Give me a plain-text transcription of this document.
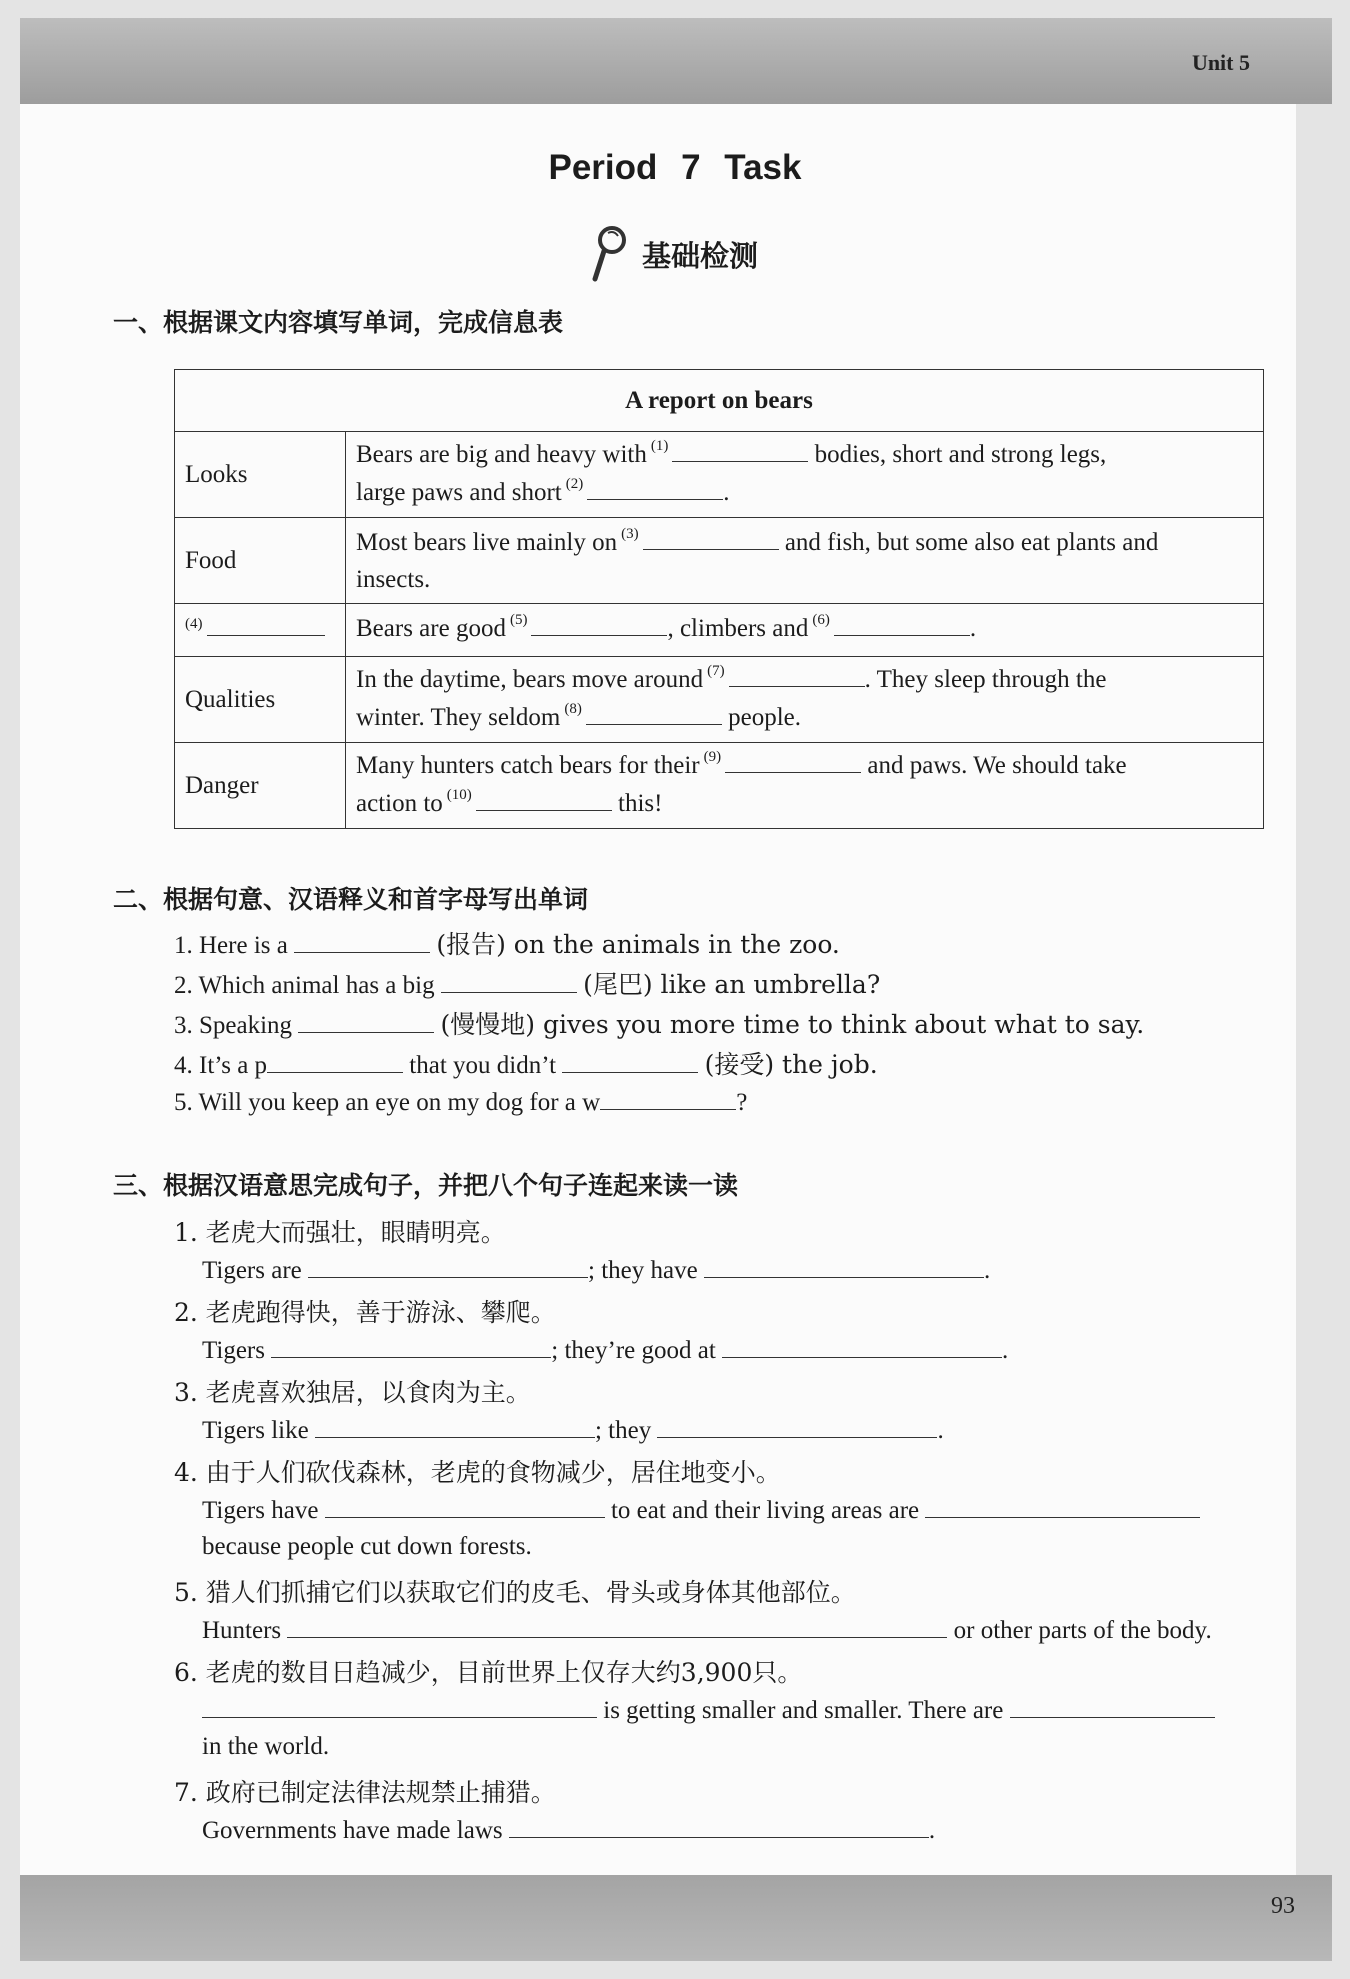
Unit 5
93
Period 7 Task
基础检测
一、根据课文内容填写单词，完成信息表
A report on bears	
Looks	Bears are big and heavy with $^{(1)}$ bodies, short and strong legs,
large paws and short $^{(2)}$ .
Food	Most bears live mainly on $^{(3)}$ and fish, but some also eat plants and
insects.
$^{(4)}$	Bears are good $^{(5)}$ , climbers and $^{(6)}$ .
Qualities	In the daytime, bears move around $^{(7)}$ . They sleep through the
winter. They seldom $^{(8)}$ people.
Danger	Many hunters catch bears for their $^{(9)}$ and paws. We should take
action to $^{(10)}$ this!
二、根据句意、汉语释义和首字母写出单词
1. Here is a	(报告) on the animals in the zoo.
2. Which animal has a big	(尾巴) like an umbrella?
3. Speaking	(慢慢地) gives you more time to think about what to say.
4. It’s a p	that you didn’t	(接受) the job.
5. Will you keep an eye on my dog for a w	?
三、根据汉语意思完成句子，并把八个句子连起来读一读
1. 老虎大而强壮，眼睛明亮。
Tigers are	; they have	.
2. 老虎跑得快，善于游泳、攀爬。
Tigers	; they’re good at	.
3. 老虎喜欢独居，以食肉为主。
Tigers like	; they	.
4. 由于人们砍伐森林，老虎的食物减少，居住地变小。
Tigers have	to eat and their living areas are
because people cut down forests.
5. 猎人们抓捕它们以获取它们的皮毛、骨头或身体其他部位。
Hunters	or other parts of the body.
6. 老虎的数目日趋减少，目前世界上仅存大约3,900只。
is getting smaller and smaller. There are
in the world.
7. 政府已制定法律法规禁止捕猎。
Governments have made laws	.
